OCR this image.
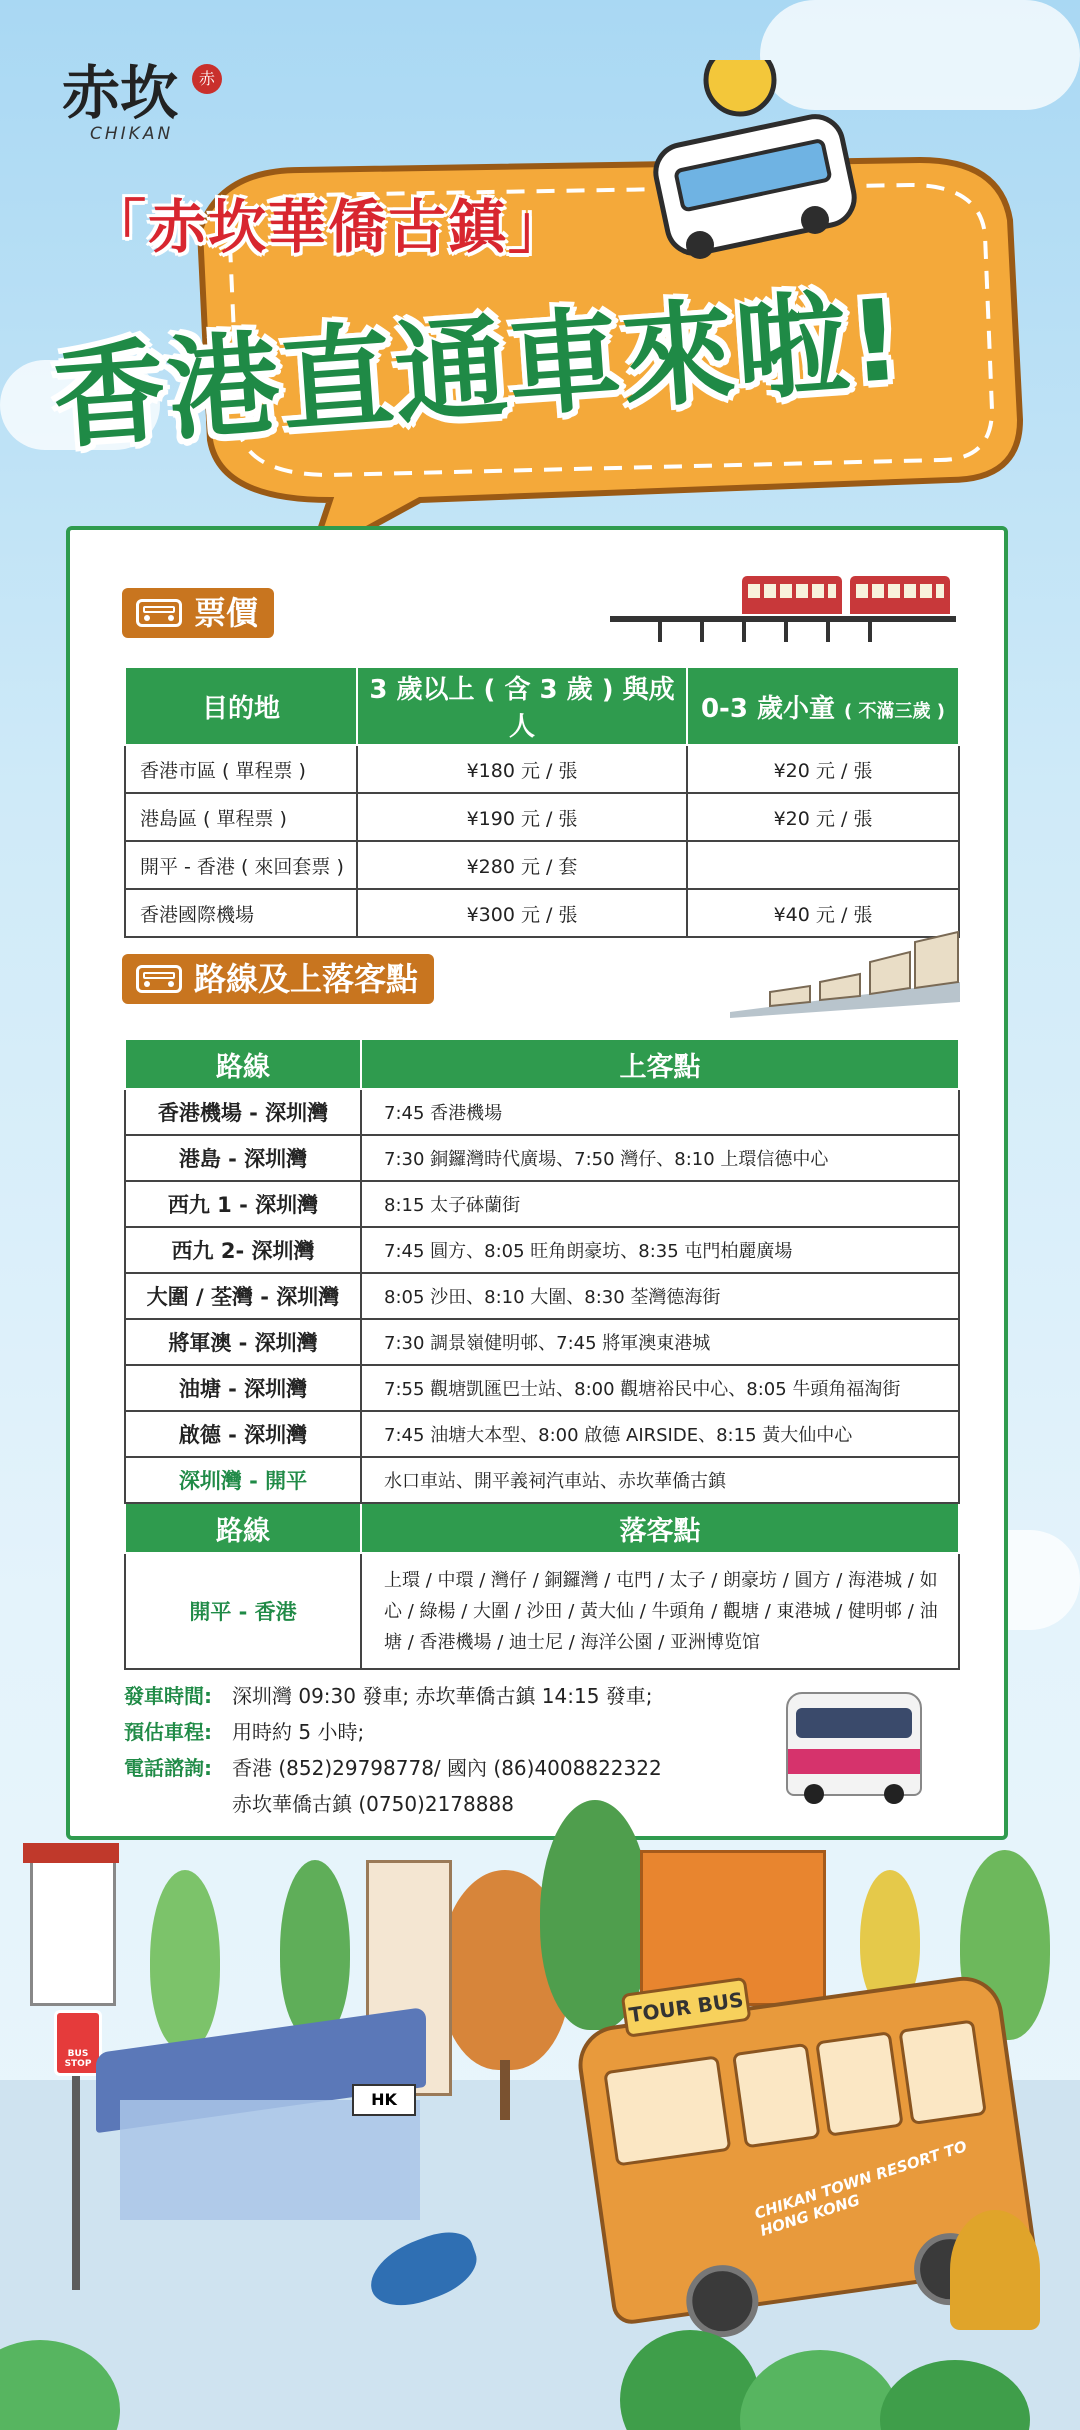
赤坎	赤
CHIKAN
「赤坎華僑古鎮」
香港直通車來啦!
票價
目的地	3 歲以上 ( 含 3 歲 ) 與成人	0-3 歲小童 ( 不滿三歲 )
香港市區 ( 單程票 )	¥180 元 / 張	¥20 元 / 張
港島區 ( 單程票 )	¥190 元 / 張	¥20 元 / 張
開平 - 香港 ( 來回套票 )	¥280 元 / 套	
香港國際機場	¥300 元 / 張	¥40 元 / 張
路線及上落客點
路線	上客點
香港機場 - 深圳灣	7:45 香港機場
港島 - 深圳灣	7:30 銅鑼灣時代廣場、7:50 灣仔、8:10 上環信德中心
西九 1 - 深圳灣	8:15 太子砵蘭街
西九 2- 深圳灣	7:45 圓方、8:05 旺角朗豪坊、8:35 屯門柏麗廣場
大圍 / 荃灣 - 深圳灣	8:05 沙田、8:10 大圍、8:30 荃灣德海街
將軍澳 - 深圳灣	7:30 調景嶺健明邨、7:45 將軍澳東港城
油塘 - 深圳灣	7:55 觀塘凱匯巴士站、8:00 觀塘裕民中心、8:05 牛頭角福淘街
啟德 - 深圳灣	7:45 油塘大本型、8:00 啟德 AIRSIDE、8:15 黃大仙中心
深圳灣 - 開平	水口車站、開平義祠汽車站、赤坎華僑古鎮
路線	落客點
開平 - 香港	上環 / 中環 / 灣仔 / 銅鑼灣 / 屯門 / 太子 / 朗豪坊 / 圓方 / 海港城 / 如心 / 綠楊 / 大圍 / 沙田 / 黃大仙 / 牛頭角 / 觀塘 / 東港城 / 健明邨 / 油塘 / 香港機場 / 迪士尼 / 海洋公園 / 亚洲博览馆
發車時間: 深圳灣 09:30 發車; 赤坎華僑古鎮 14:15 發車;
預估車程: 用時約 5 小時;
電話諮詢: 香港 (852)29798778/ 國內 (86)4008822322
赤坎華僑古鎮 (0750)2178888
BUS STOP
HK
TOUR BUS
CHIKAN TOWN RESORT TO HONG KONG
